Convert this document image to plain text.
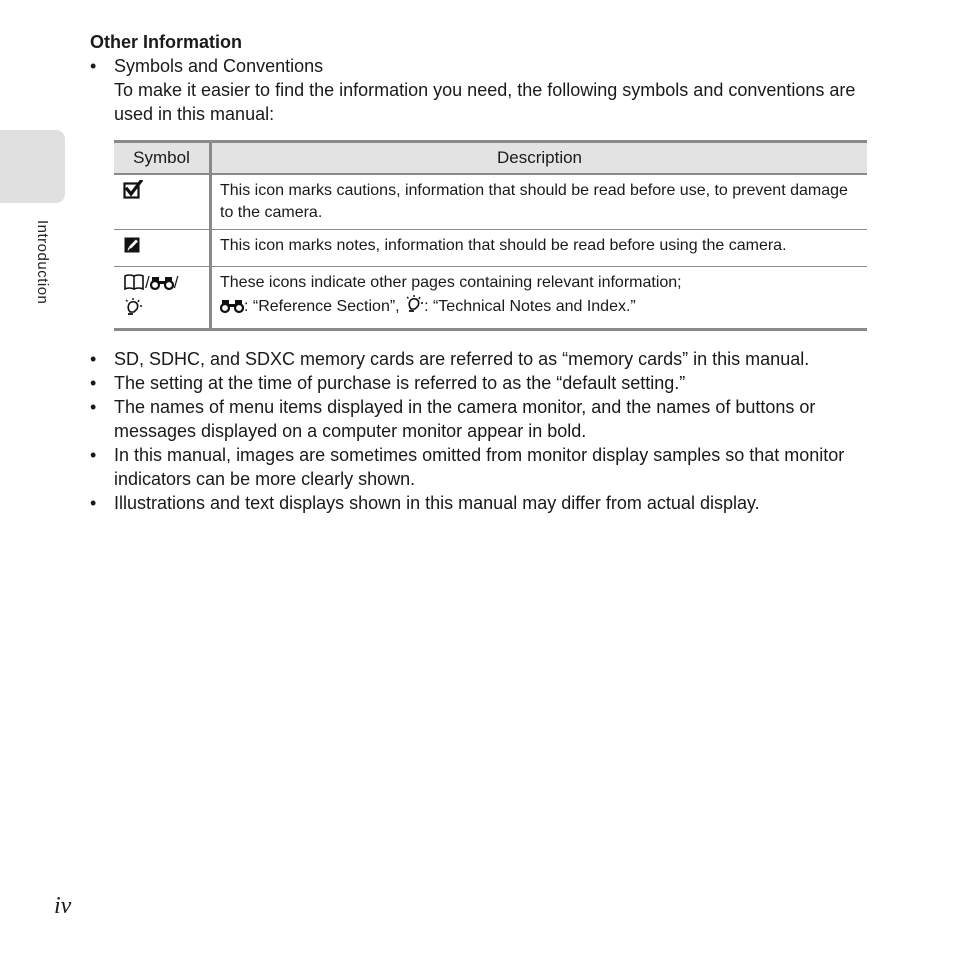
Introduction
Other Information
• Symbols and Conventions

To make it easier to find the information you need, the following symbols and conventions are used in this manual:

Symbol	Description
	This icon marks cautions, information that should be read before use, to prevent damage to the camera.
	This icon marks notes, information that should be read before using the camera.
/ /	These icons indicate other pages containing relevant information;
: “Reference Section”, : “Technical Notes and Index.”
• SD, SDHC, and SDXC memory cards are referred to as “memory cards” in this manual.
• The setting at the time of purchase is referred to as the “default setting.”
• The names of menu items displayed in the camera monitor, and the names of buttons or messages displayed on a computer monitor appear in bold.
• In this manual, images are sometimes omitted from monitor display samples so that monitor indicators can be more clearly shown.
• Illustrations and text displays shown in this manual may differ from actual display.
iv
